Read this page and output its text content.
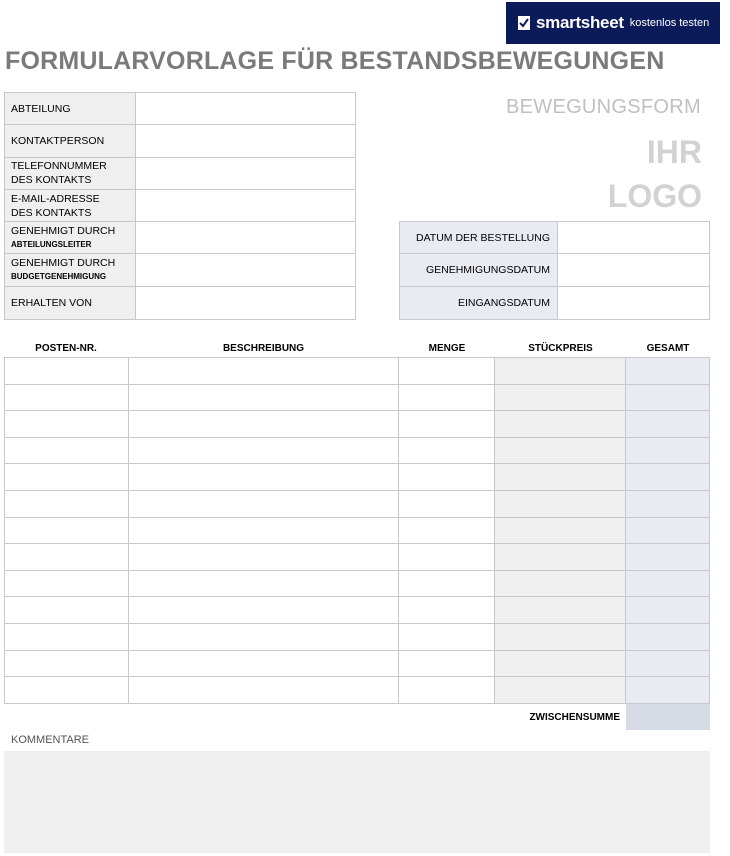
smartsheet kostenlos testen
FORMULARVORLAGE FÜR BESTANDSBEWEGUNGEN
ABTEILUNG
KONTAKTPERSON
TELEFONNUMMER
DES KONTAKTS
E-MAIL-ADRESSE
DES KONTAKTS
GENEHMIGT DURCH
ABTEILUNGSLEITER
GENEHMIGT DURCH
BUDGETGENEHMIGUNG
ERHALTEN VON
BEWEGUNGSFORM
IHR
LOGO
DATUM DER BESTELLUNG
GENEHMIGUNGSDATUM
EINGANGSDATUM
POSTEN-NR.	BESCHREIBUNG	MENGE	STÜCKPREIS	GESAMT
ZWISCHENSUMME
KOMMENTARE
